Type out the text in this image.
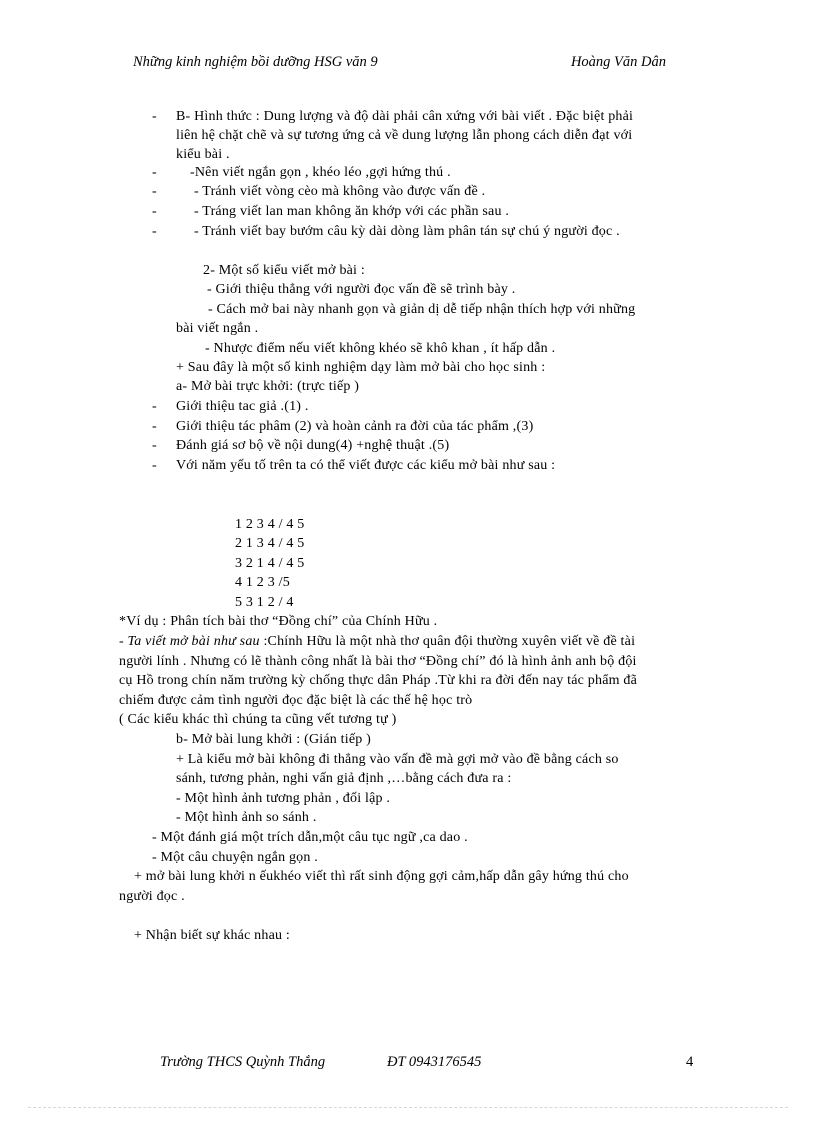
Những kinh nghiệm bồi dưỡng HSG văn 9	Hoàng Văn Dân
- B- Hình thức : Dung lượng và độ dài phải cân xứng với bài viết . Đặc biệt phải
liên hệ chặt chẽ và sự tương ứng cả về dung lượng lẫn phong cách diễn đạt với
kiểu bài .
- -Nên viết ngắn gọn , khéo léo ,gợi hứng thú .
-	- Tránh viết vòng cèo mà không vào được vấn đề .
-	- Tráng viết lan man không ăn khớp với các phần sau .
-	- Tránh viết bay bướm câu kỳ dài dòng làm phân tán sự chú ý người đọc .
2- Một số kiểu viết mở bài :
- Giới thiệu thẳng với người đọc vấn đề sẽ trình bày .
- Cách mở bai này nhanh gọn và giản dị dễ tiếp nhận thích hợp với những
bài viết ngắn .
- Nhược điểm nếu viết không khéo sẽ khô khan , ít hấp dẫn .
+ Sau đây là một số kinh nghiệm dạy làm mở bài cho học sinh :
a- Mở bài trực khởi: (trực tiếp )
- Giới thiệu tac giả .(1) .
- Giới thiệu tác phâm (2) và hoàn cảnh ra đời của tác phẩm ,(3)
- Đánh giá sơ bộ về nội dung(4) +nghệ thuật .(5)
- Với năm yếu tố trên ta có thể viết được các kiểu mở bài như sau :
1 2 3 4 / 4 5
2 1 3 4 / 4 5
3 2 1 4 / 4 5
4 1 2 3 /5
5 3 1 2 / 4
*Ví dụ : Phân tích bài thơ “Đồng chí” của Chính Hữu .
- Ta viết mở bài như sau :Chính Hữu là một nhà thơ quân đội thường xuyên viết về đề tài
người lính . Nhưng có lẽ thành công nhất là bài thơ “Đồng chí” đó là hình ảnh anh bộ đội
cụ Hồ trong chín năm trường kỳ chống thực dân Pháp .Từ khi ra đời đến nay tác phẩm đã
chiếm được cảm tình người đọc đặc biệt là các thế hệ học trò
( Các kiểu khác thì chúng ta cũng vết tương tự )
b- Mở bài lung khởi : (Gián tiếp )
+ Là kiểu mở bài không đi thẳng vào vấn đề mà gợi mở vào đề bằng cách so
sánh, tương phản, nghi vấn giả định ,…bằng cách đưa ra :
- Một hình ảnh tương phản , đối lập .
- Một hình ảnh so sánh .
- Một đánh giá một trích dẫn,một câu tục ngữ ,ca dao .
- Một câu chuyện ngắn gọn .
+ mở bài lung khởi n ếukhéo viết thì rất sinh động gợi cảm,hấp dẫn gây hứng thú cho
người đọc .
+ Nhận biết sự khác nhau :
Trường THCS Quỳnh Thắng	ĐT 0943176545	4
